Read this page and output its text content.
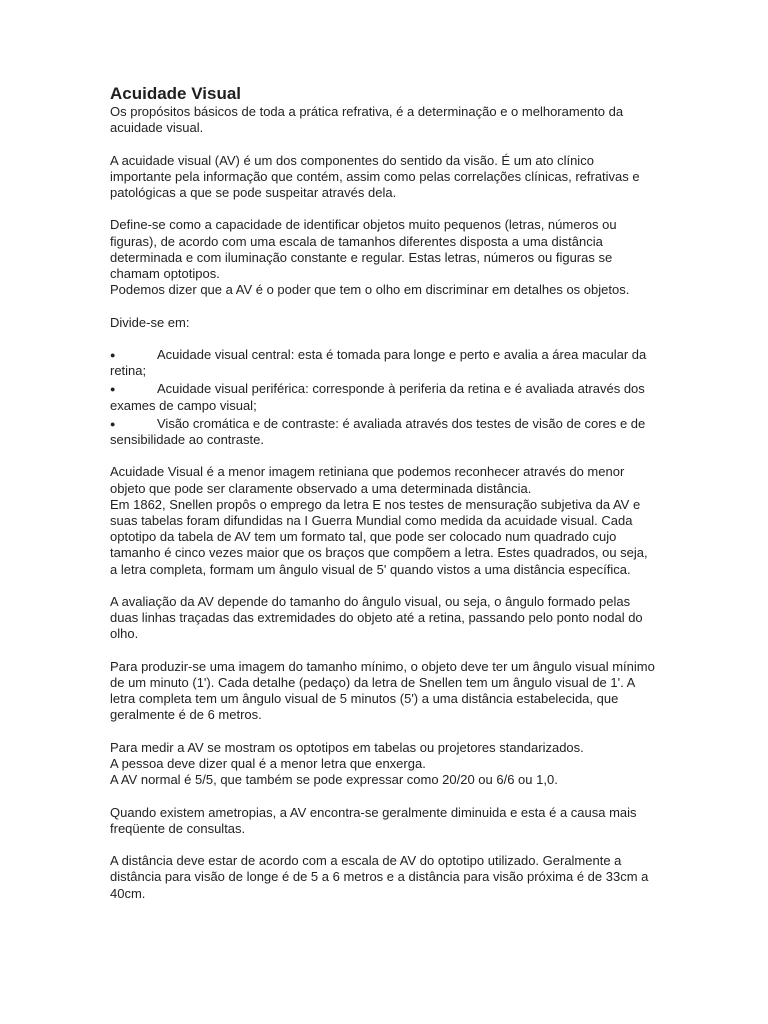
Acuidade Visual

Os propósitos básicos de toda a prática refrativa, é a determinação e o melhoramento da acuidade visual.

A acuidade visual (AV) é um dos componentes do sentido da visão. É um ato clínico importante pela informação que contém, assim como pelas correlações clínicas, refrativas e patológicas a que se pode suspeitar através dela.

Define-se como a capacidade de identificar objetos muito pequenos (letras, números ou figuras), de acordo com uma escala de tamanhos diferentes disposta a uma distância determinada e com iluminação constante e regular. Estas letras, números ou figuras se chamam optotipos.

Podemos dizer que a AV é o poder que tem o olho em discriminar em detalhes os objetos.

Divide-se em:

●	Acuidade visual central: esta é tomada para longe e perto e avalia a área macular da retina;
●	Acuidade visual periférica: corresponde à periferia da retina e é avaliada através dos exames de campo visual;
●	Visão cromática e de contraste: é avaliada através dos testes de visão de cores e de sensibilidade ao contraste.

Acuidade Visual é a menor imagem retiniana que podemos reconhecer através do menor objeto que pode ser claramente observado a uma determinada distância.

Em 1862, Snellen propôs o emprego da letra E nos testes de mensuração subjetiva da AV e suas tabelas foram difundidas na I Guerra Mundial como medida da acuidade visual. Cada optotipo da tabela de AV tem um formato tal, que pode ser colocado num quadrado cujo tamanho é cinco vezes maior que os braços que compõem a letra. Estes quadrados, ou seja, a letra completa, formam um ângulo visual de 5' quando vistos a uma distância específica.

A avaliação da AV depende do tamanho do ângulo visual, ou seja, o ângulo formado pelas duas linhas traçadas das extremidades do objeto até a retina, passando pelo ponto nodal do olho.

Para produzir-se uma imagem do tamanho mínimo, o objeto deve ter um ângulo visual mínimo de um minuto (1'). Cada detalhe (pedaço) da letra de Snellen tem um ângulo visual de 1'. A letra completa tem um ângulo visual de 5 minutos (5') a uma distância estabelecida, que geralmente é de 6 metros.

Para medir a AV se mostram os optotipos em tabelas ou projetores standarizados.

A pessoa deve dizer qual é a menor letra que enxerga.

A AV normal é 5/5, que também se pode expressar como 20/20 ou 6/6 ou 1,0.

Quando existem ametropias, a AV encontra-se geralmente diminuida e esta é a causa mais freqüente de consultas.

A distância deve estar de acordo com a escala de AV do optotipo utilizado. Geralmente a distância para visão de longe é de 5 a 6 metros e a distância para visão próxima é de 33cm a 40cm.
